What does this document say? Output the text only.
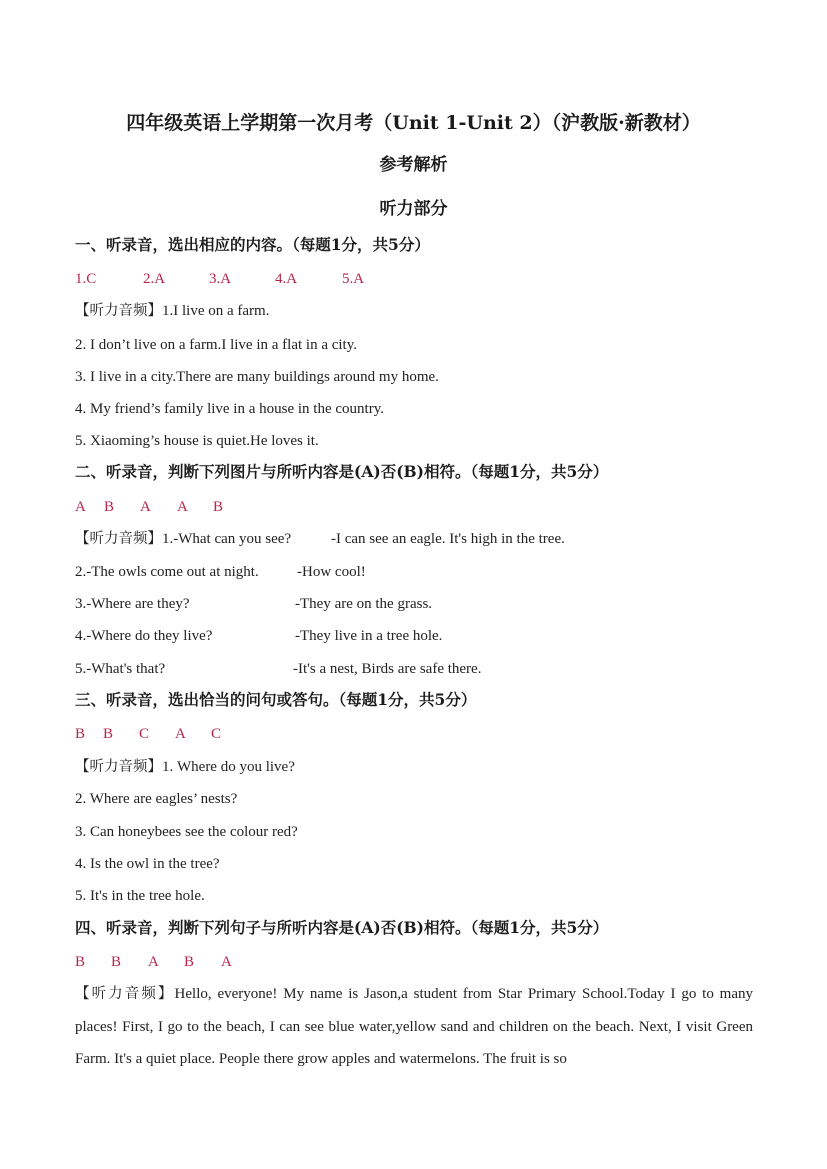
四年级英语上学期第一次月考（Unit 1-Unit 2）（沪教版·新教材）
参考解析
听力部分
一、听录音，选出相应的内容。（每题1分，共5分）
1.C	2.A	3.A	4.A	5.A
【听力音频】1.I live on a farm.
2. I don’t live on a farm.I live in a flat in a city.
3. I live in a city.There are many buildings around my home.
4. My friend’s family live in a house in the country.
5. Xiaoming’s house is quiet.He loves it.
二、听录音，判断下列图片与所听内容是(A)否(B)相符。（每题1分，共5分）
A B A A B
【听力音频】1.-What can you see?	-I can see an eagle. It's high in the tree.
2.-The owls come out at night.	-How cool!
3.-Where are they?	-They are on the grass.
4.-Where do they live?	-They live in a tree hole.
5.-What's that?	-It's a nest, Birds are safe there.
三、听录音，选出恰当的问句或答句。（每题1分，共5分）
B B C A C
【听力音频】1. Where do you live?
2. Where are eagles’ nests?
3. Can honeybees see the colour red?
4. Is the owl in the tree?
5. It's in the tree hole.
四、听录音，判断下列句子与所听内容是(A)否(B)相符。（每题1分，共5分）
B B A B A
【听力音频】Hello, everyone! My name is Jason,a student from Star Primary School.Today I go to many places! First, I go to the beach, I can see blue water,yellow sand and children on the beach. Next, I visit Green Farm. It's a quiet place. People there grow apples and watermelons. The fruit is so
